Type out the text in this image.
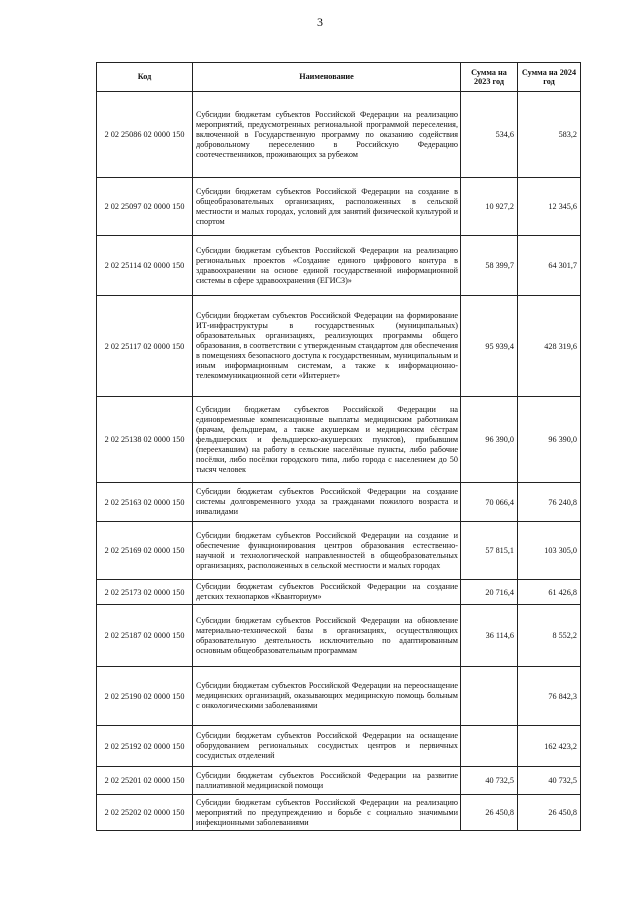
3
Код	Наименование	Сумма на 2023 год	Сумма на 2024 год
2 02 25086 02 0000 150	Субсидии бюджетам субъектов Российской Федерации на реализацию мероприятий, предусмотренных региональной программой переселения, включенной в Государственную программу по оказанию содействия добровольному переселению в Российскую Федерацию соотечественников, проживающих за рубежом	534,6	583,2
2 02 25097 02 0000 150	Субсидии бюджетам субъектов Российской Федерации на создание в общеобразовательных организациях, расположенных в сельской местности и малых городах, условий для занятий физической культурой и спортом	10 927,2	12 345,6
2 02 25114 02 0000 150	Субсидии бюджетам субъектов Российской Федерации на реализацию региональных проектов «Создание единого цифрового контура в здравоохранении на основе единой государственной информационной системы в сфере здравоохранения (ЕГИСЗ)»	58 399,7	64 301,7
2 02 25117 02 0000 150	Субсидии бюджетам субъектов Российской Федерации на формирование ИТ-инфраструктуры в государственных (муниципальных) образовательных организациях, реализующих программы общего образования, в соответствии с утвержденным стандартом для обеспечения в помещениях безопасного доступа к государственным, муниципальным и иным информационным системам, а также к информационно-телекоммуникационной сети «Интернет»	95 939,4	428 319,6
2 02 25138 02 0000 150	Субсидии бюджетам субъектов Российской Федерации на единовременные компенсационные выплаты медицинским работникам (врачам, фельдшерам, а также акушеркам и медицинским сёстрам фельдшерских и фельдшерско-акушерских пунктов), прибывшим (переехавшим) на работу в сельские населённые пункты, либо рабочие посёлки, либо посёлки городского типа, либо города с населением до 50 тысяч человек	96 390,0	96 390,0
2 02 25163 02 0000 150	Субсидии бюджетам субъектов Российской Федерации на создание системы долговременного ухода за гражданами пожилого возраста и инвалидами	70 066,4	76 240,8
2 02 25169 02 0000 150	Субсидии бюджетам субъектов Российской Федерации на создание и обеспечение функционирования центров образования естественно-научной и технологической направленностей в общеобразовательных организациях, расположенных в сельской местности и малых городах	57 815,1	103 305,0
2 02 25173 02 0000 150	Субсидии бюджетам субъектов Российской Федерации на создание детских технопарков «Кванториум»	20 716,4	61 426,8
2 02 25187 02 0000 150	Субсидии бюджетам субъектов Российской Федерации на обновление материально-технической базы в организациях, осуществляющих образовательную деятельность исключительно по адаптированным основным общеобразовательным программам	36 114,6	8 552,2
2 02 25190 02 0000 150	Субсидии бюджетам субъектов Российской Федерации на переоснащение медицинских организаций, оказывающих медицинскую помощь больным с онкологическими заболеваниями		76 842,3
2 02 25192 02 0000 150	Субсидии бюджетам субъектов Российской Федерации на оснащение оборудованием региональных сосудистых центров и первичных сосудистых отделений		162 423,2
2 02 25201 02 0000 150	Субсидии бюджетам субъектов Российской Федерации на развитие паллиативной медицинской помощи	40 732,5	40 732,5
2 02 25202 02 0000 150	Субсидии бюджетам субъектов Российской Федерации на реализацию мероприятий по предупреждению и борьбе с социально значимыми инфекционными заболеваниями	26 450,8	26 450,8
